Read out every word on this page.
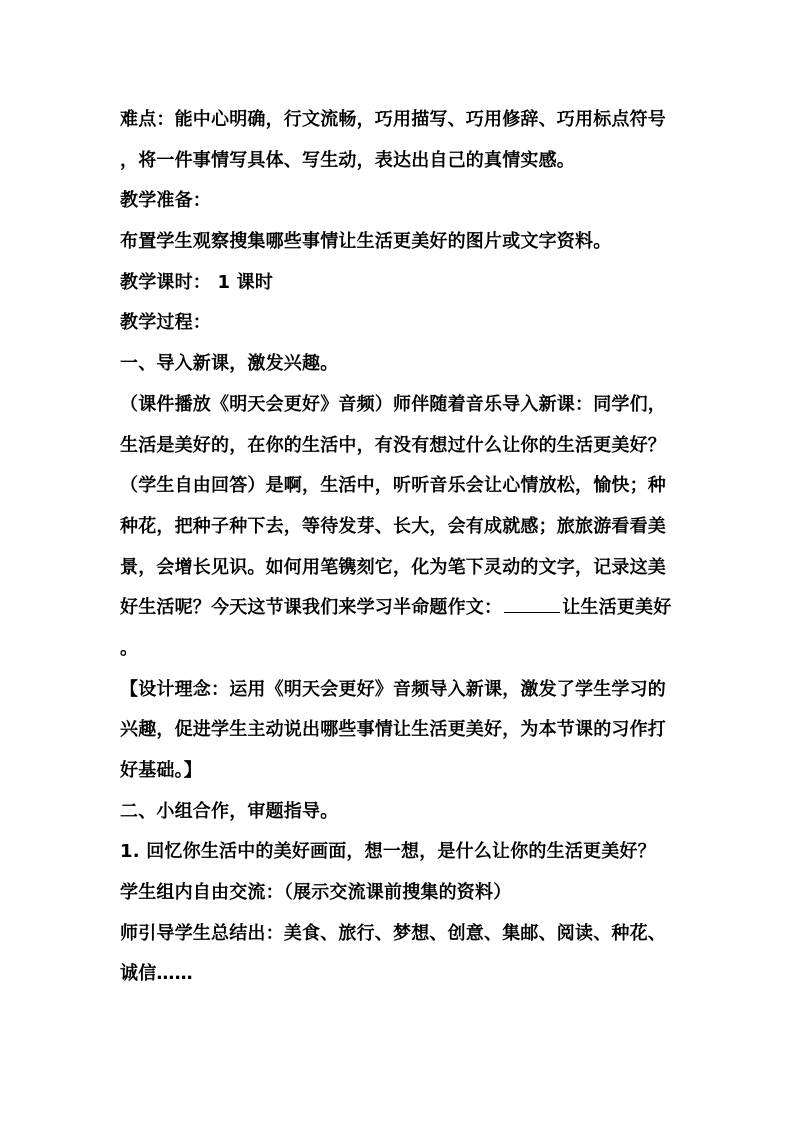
难点：能中心明确，行文流畅，巧用描写、巧用修辞、巧用标点符号
，将一件事情写具体、写生动，表达出自己的真情实感。
教学准备：
布置学生观察搜集哪些事情让生活更美好的图片或文字资料。
教学课时： 1 课时
教学过程：
一、导入新课，激发兴趣。
（课件播放《明天会更好》音频）师伴随着音乐导入新课：同学们，
生活是美好的，在你的生活中，有没有想过什么让你的生活更美好？
（学生自由回答）是啊，生活中，听听音乐会让心情放松，愉快；种
种花，把种子种下去，等待发芽、长大，会有成就感；旅旅游看看美
景，会增长见识。如何用笔镌刻它，化为笔下灵动的文字，记录这美
好生活呢？今天这节课我们来学习半命题作文：	让生活更美好
。
【设计理念：运用《明天会更好》音频导入新课，激发了学生学习的
兴趣，促进学生主动说出哪些事情让生活更美好，为本节课的习作打
好基础。】
二、小组合作，审题指导。
1. 回忆你生活中的美好画面，想一想，是什么让你的生活更美好？
学生组内自由交流：（展示交流课前搜集的资料）
师引导学生总结出：美食、旅行、梦想、创意、集邮、阅读、种花、
诚信……
